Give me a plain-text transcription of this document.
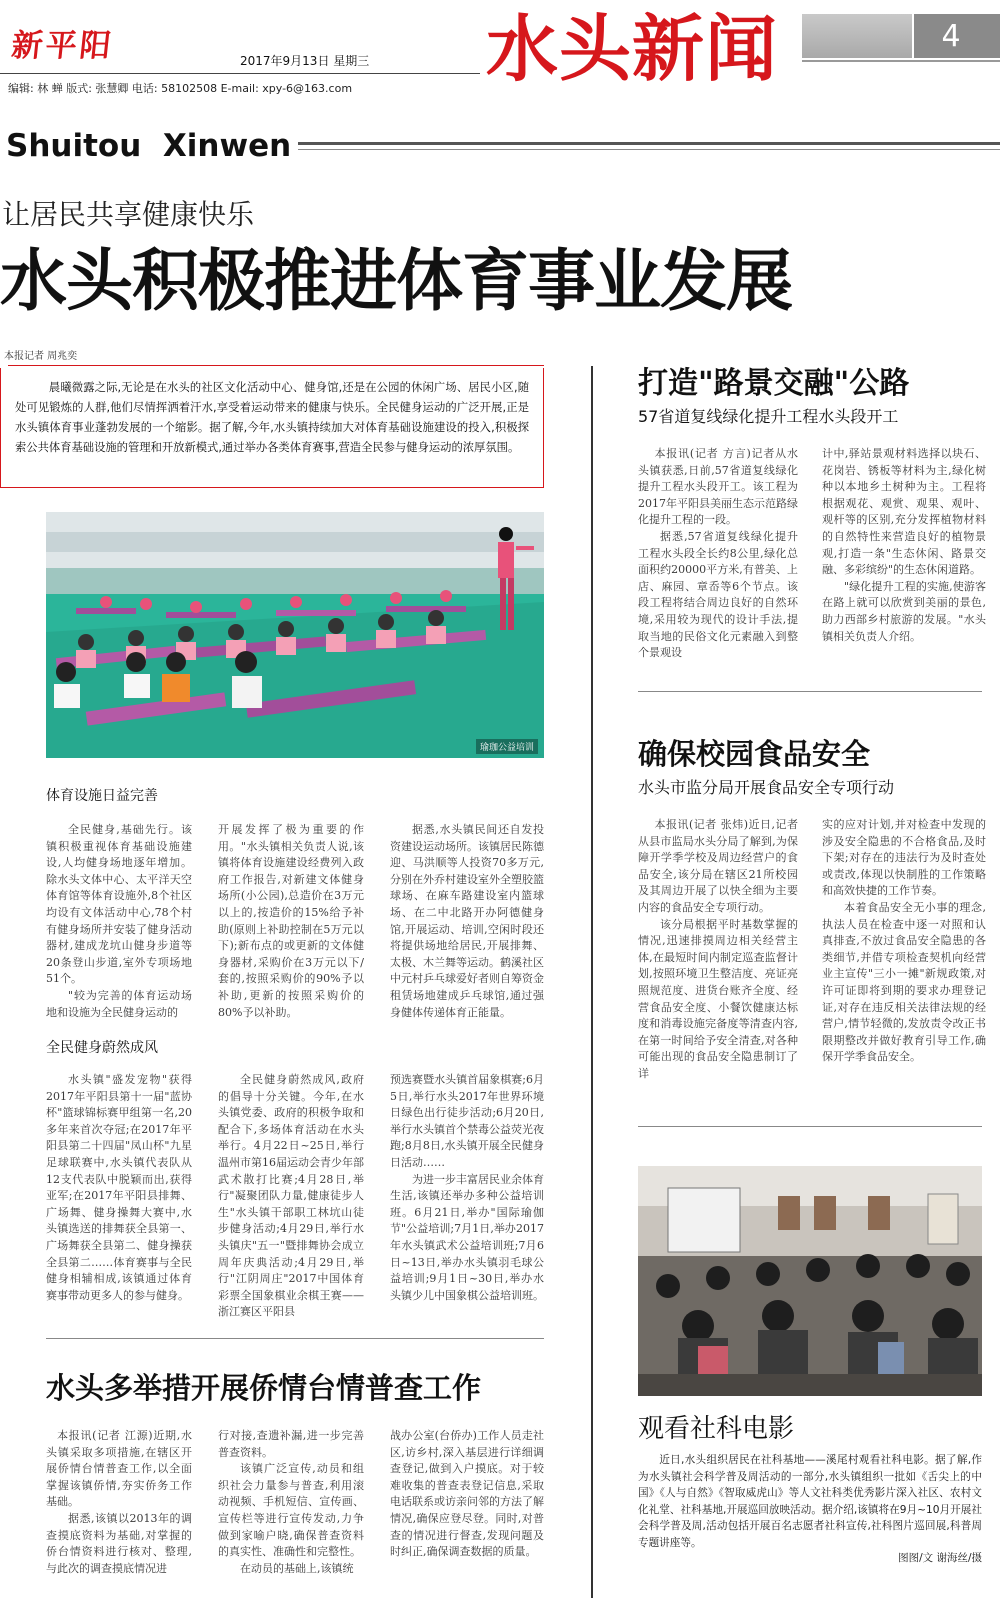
新平阳	2017年9月13日 星期三
编辑: 林 蝉 版式: 张慧卿 电话: 58102508 E-mail: xpy-6@163.com 水头新闻	4
Shuitou  Xinwen
让居民共享健康快乐
水头积极推进体育事业发展
本报记者 周兆奕

晨曦微露之际,无论是在水头的社区文化活动中心、健身馆,还是在公园的休闲广场、居民小区,随处可见锻炼的人群,他们尽情挥洒着汗水,享受着运动带来的健康与快乐。全民健身运动的广泛开展,正是水头镇体育事业蓬勃发展的一个缩影。据了解,今年,水头镇持续加大对体育基础设施建设的投入,积极探索公共体育基础设施的管理和开放新模式,通过举办各类体育赛事,营造全民参与健身运动的浓厚氛围。

瑜珈公益培训
体育设施日益完善

全民健身,基础先行。该镇积极重视体育基础设施建设,人均健身场地逐年增加。除水头文体中心、太平洋天空体育馆等体育设施外,8个社区均设有文体活动中心,78个村有健身场所并安装了健身活动器材,建成龙坑山健身步道等20条登山步道,室外专项场地51个。

"较为完善的体育运动场地和设施为全民健身运动的

开展发挥了极为重要的作用。"水头镇相关负责人说,该镇将体育设施建设经费列入政府工作报告,对新建文体健身场所(小公园),总造价在3万元以上的,按造价的15%给予补助(原则上补助控制在5万元以下);新布点的或更新的文体健身器材,采购价在3万元以下/套的,按照采购价的90%予以补助,更新的按照采购价的80%予以补助。

据悉,水头镇民间还自发投资建设运动场所。该镇居民陈德迎、马洪顺等人投资70多万元,分别在外乔村建设室外全塑胶篮球场、在麻车路建设室内篮球场、在二中北路开办阿德健身馆,开展运动、培训,空闲时段还将提供场地给居民,开展排舞、太极、木兰舞等运动。鹤溪社区中元村乒乓球爱好者则自筹资金租赁场地建成乒乓球馆,通过强身健体传递体育正能量。

全民健身蔚然成风

水头镇"盛发宠物"获得2017年平阳县第十一届"蓝协杯"篮球锦标赛甲组第一名,20多年来首次夺冠;在2017年平阳县第二十四届"凤山杯"九星足球联赛中,水头镇代表队从12支代表队中脱颖而出,获得亚军;在2017年平阳县排舞、广场舞、健身操舞大赛中,水头镇选送的排舞获全县第一、广场舞获全县第二、健身操获全县第二……体育赛事与全民健身相辅相成,该镇通过体育赛事带动更多人的参与健身。

全民健身蔚然成风,政府的倡导十分关键。今年,在水头镇党委、政府的积极争取和配合下,多场体育活动在水头举行。4月22日~25日,举行温州市第16届运动会青少年部武术散打比赛;4月28日,举行"凝聚团队力量,健康徒步人生"水头镇干部职工林坑山徒步健身活动;4月29日,举行水头镇庆"五一"暨排舞协会成立周年庆典活动;4月29日,举行"江阴周庄"2017中国体育彩票全国象棋业余棋王赛——浙江赛区平阳县

预选赛暨水头镇首届象棋赛;6月5日,举行水头2017年世界环境日绿色出行徒步活动;6月20日,举行水头镇首个禁毒公益荧光夜跑;8月8日,水头镇开展全民健身日活动……

为进一步丰富居民业余体育生活,该镇还举办多种公益培训班。6月21日,举办"国际瑜伽节"公益培训;7月1日,举办2017年水头镇武术公益培训班;7月6日~13日,举办水头镇羽毛球公益培训;9月1日~30日,举办水头镇少儿中国象棋公益培训班。

水头多举措开展侨情台情普查工作

本报讯(记者 江源)近期,水头镇采取多项措施,在辖区开展侨情台情普查工作,以全面掌握该镇侨情,夯实侨务工作基础。

据悉,该镇以2013年的调查摸底资料为基础,对掌握的侨台情资料进行核对、整理,与此次的调查摸底情况进

行对接,查遗补漏,进一步完善普查资料。

该镇广泛宣传,动员和组织社会力量参与普查,利用滚动视频、手机短信、宣传画、宣传栏等进行宣传发动,力争做到家喻户晓,确保普查资料的真实性、准确性和完整性。

在动员的基础上,该镇统

战办公室(台侨办)工作人员走社区,访乡村,深入基层进行详细调查登记,做到入户摸底。对于较难收集的普查表登记信息,采取电话联系或访亲问邻的方法了解情况,确保应登尽登。同时,对普查的情况进行督查,发现问题及时纠正,确保调查数据的质量。

打造"路景交融"公路
57省道复线绿化提升工程水头段开工

本报讯(记者 方言)记者从水头镇获悉,日前,57省道复线绿化提升工程水头段开工。该工程为2017年平阳县美丽生态示范路绿化提升工程的一段。

据悉,57省道复线绿化提升工程水头段全长约8公里,绿化总面积约20000平方米,有普美、上店、麻园、章岙等6个节点。该段工程将结合周边良好的自然环境,采用较为现代的设计手法,提取当地的民俗文化元素融入到整个景观设

计中,驿站景观材料选择以块石、花岗岩、锈板等材料为主,绿化树种以本地乡土树种为主。工程将根据观花、观赏、观果、观叶、观杆等的区别,充分发挥植物材料的自然特性来营造良好的植物景观,打造一条"生态休闲、路景交融、多彩缤纷"的生态休闲道路。

"绿化提升工程的实施,使游客在路上就可以欣赏到美丽的景色,助力西部乡村旅游的发展。"水头镇相关负责人介绍。

确保校园食品安全
水头市监分局开展食品安全专项行动

本报讯(记者 张炜)近日,记者从县市监局水头分局了解到,为保障开学季学校及周边经营户的食品安全,该分局在辖区21所校园及其周边开展了以快全细为主要内容的食品安全专项行动。

该分局根据平时基数掌握的情况,迅速排摸周边相关经营主体,在最短时间内制定巡查监督计划,按照环境卫生整洁度、亮证亮照规范度、进货台账齐全度、经营食品安全度、小餐饮健康达标度和消毒设施完备度等清查内容,在第一时间给予安全清查,对各种可能出现的食品安全隐患制订了详

实的应对计划,并对检查中发现的涉及安全隐患的不合格食品,及时下架;对存在的违法行为及时查处或责改,体现以快制胜的工作策略和高效快捷的工作节奏。

本着食品安全无小事的理念,执法人员在检查中逐一对照和认真排查,不放过食品安全隐患的各类细节,并借专项检查契机向经营业主宣传"三小一摊"新规政策,对许可证即将到期的要求办理登记证,对存在违反相关法律法规的经营户,情节轻微的,发放责令改正书限期整改并做好教育引导工作,确保开学季食品安全。

观看社科电影

近日,水头组织居民在社科基地——溪尾村观看社科电影。据了解,作为水头镇社会科学普及周活动的一部分,水头镇组织一批如《舌尖上的中国》《人与自然》《智取威虎山》等人文社科类优秀影片深入社区、农村文化礼堂、社科基地,开展巡回放映活动。据介绍,该镇将在9月~10月开展社会科学普及周,活动包括开展百名志愿者社科宣传,社科图片巡回展,科普周专题讲座等。

图图/文 谢海丝/摄
